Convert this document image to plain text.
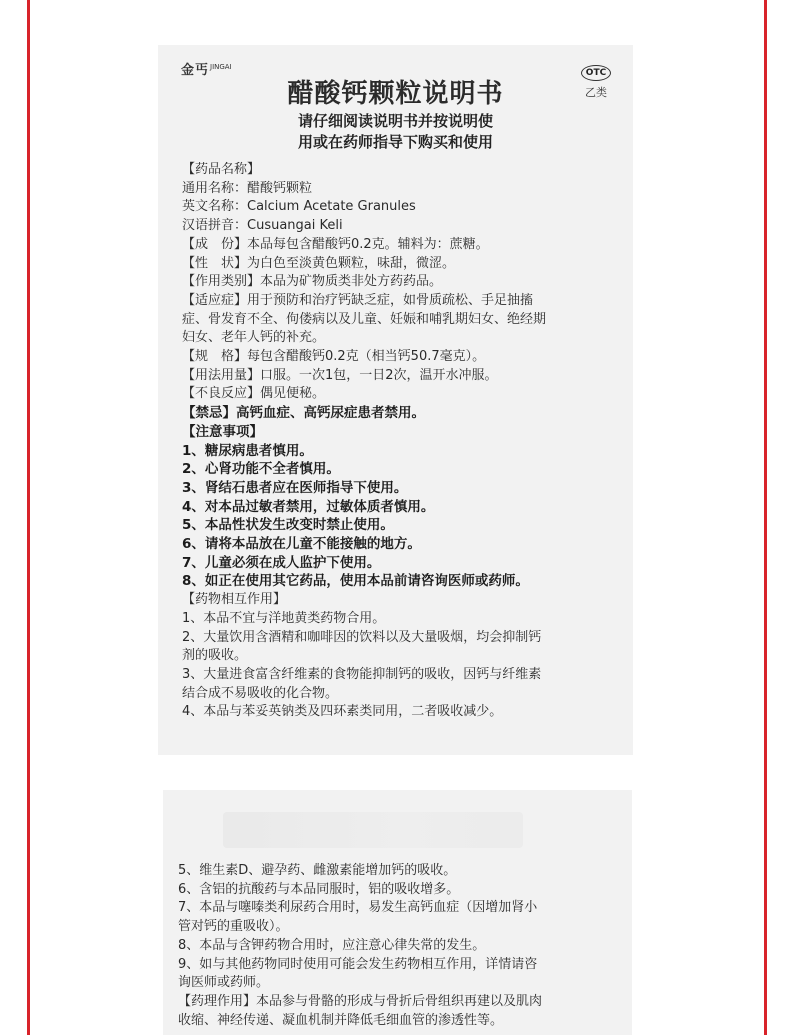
金丐$^{JINGAI}$
OTC
乙类
醋酸钙颗粒说明书
请仔细阅读说明书并按说明使
用或在药师指导下购买和使用
【药品名称】
通用名称：醋酸钙颗粒
英文名称：Calcium Acetate Granules
汉语拼音：Cusuangai Keli
【成　份】本品每包含醋酸钙0.2克。辅料为：蔗糖。
【性　状】为白色至淡黄色颗粒，味甜，微涩。
【作用类别】本品为矿物质类非处方药药品。
【适应症】用于预防和治疗钙缺乏症，如骨质疏松、手足抽搐
症、骨发育不全、佝偻病以及儿童、妊娠和哺乳期妇女、绝经期
妇女、老年人钙的补充。
【规　格】每包含醋酸钙0.2克（相当钙50.7毫克）。
【用法用量】口服。一次1包，一日2次，温开水冲服。
【不良反应】偶见便秘。
【禁忌】高钙血症、高钙尿症患者禁用。
【注意事项】
1、糖尿病患者慎用。
2、心肾功能不全者慎用。
3、肾结石患者应在医师指导下使用。
4、对本品过敏者禁用，过敏体质者慎用。
5、本品性状发生改变时禁止使用。
6、请将本品放在儿童不能接触的地方。
7、儿童必须在成人监护下使用。
8、如正在使用其它药品，使用本品前请咨询医师或药师。
【药物相互作用】
1、本品不宜与洋地黄类药物合用。
2、大量饮用含酒精和咖啡因的饮料以及大量吸烟，均会抑制钙
剂的吸收。
3、大量进食富含纤维素的食物能抑制钙的吸收，因钙与纤维素
结合成不易吸收的化合物。
4、本品与苯妥英钠类及四环素类同用，二者吸收减少。
5、维生素D、避孕药、雌激素能增加钙的吸收。
6、含铝的抗酸药与本品同服时，铝的吸收增多。
7、本品与噻嗪类利尿药合用时，易发生高钙血症（因增加肾小
管对钙的重吸收）。
8、本品与含钾药物合用时，应注意心律失常的发生。
9、如与其他药物同时使用可能会发生药物相互作用，详情请咨
询医师或药师。
【药理作用】本品参与骨骼的形成与骨折后骨组织再建以及肌肉
收缩、神经传递、凝血机制并降低毛细血管的渗透性等。
